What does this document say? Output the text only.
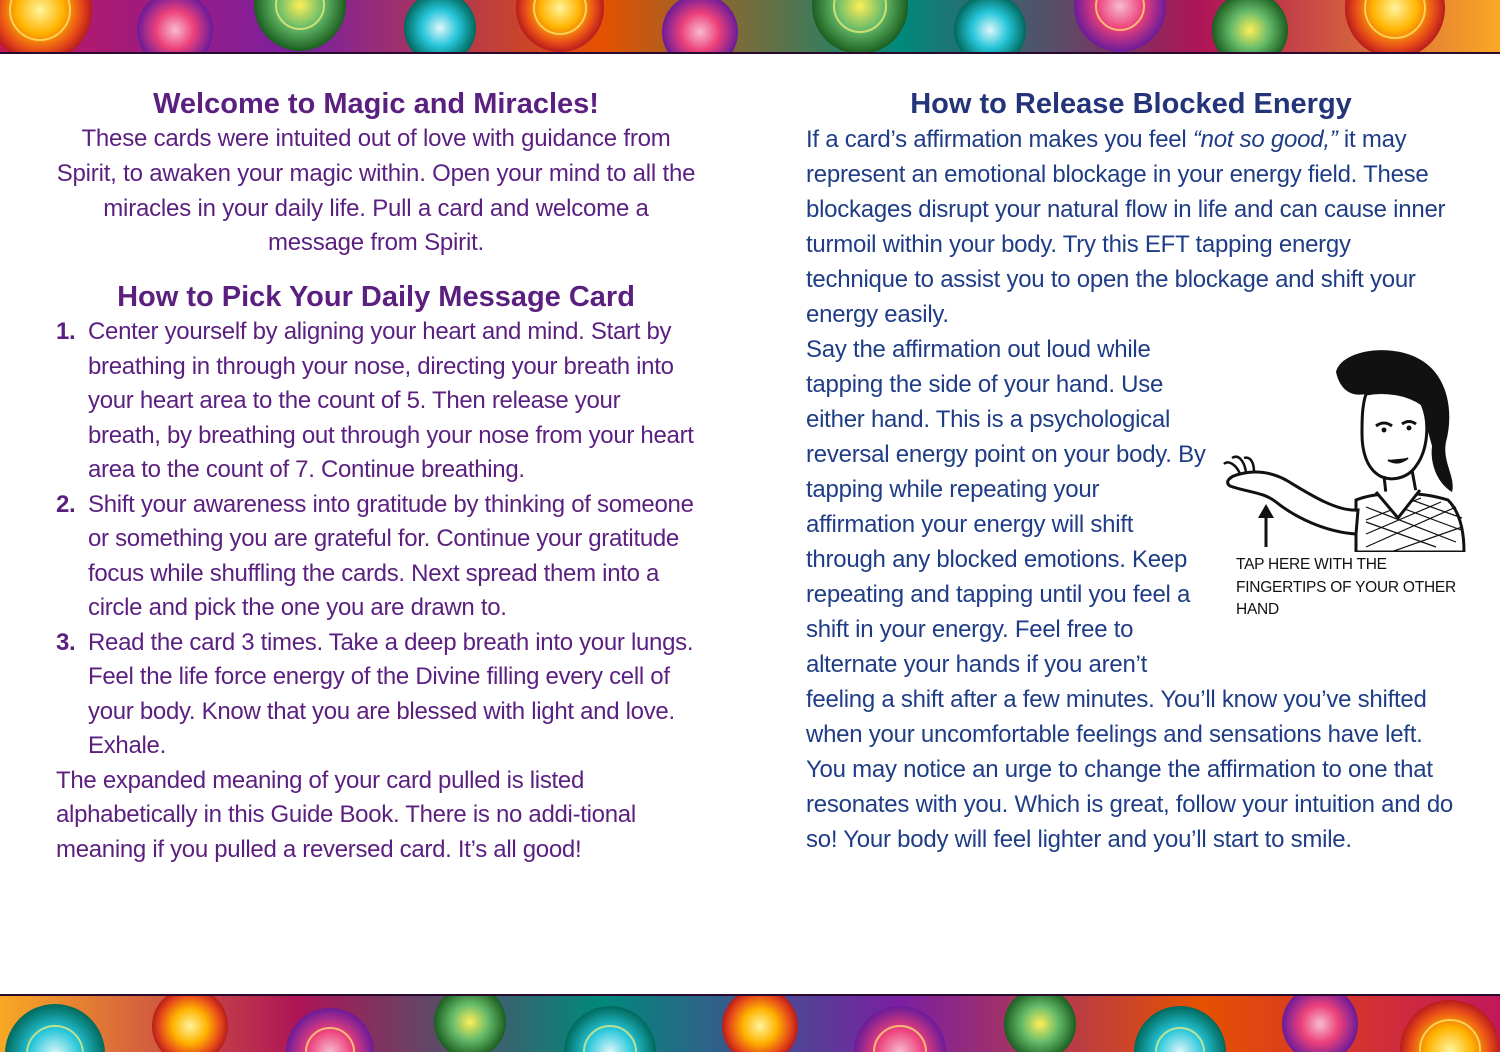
Welcome to Magic and Miracles!

These cards were intuited out of love with guidance from Spirit, to awaken your magic within. Open your mind to all the miracles in your daily life. Pull a card and welcome a message from Spirit.

How to Pick Your Daily Message Card
1. Center yourself by aligning your heart and mind. Start by breathing in through your nose, directing your breath into your heart area to the count of 5. Then release your breath, by breathing out through your nose from your heart area to the count of 7. Continue breathing.
2. Shift your awareness into gratitude by thinking of someone or something you are grateful for. Continue your gratitude focus while shuffling the cards. Next spread them into a circle and pick the one you are drawn to.
3. Read the card 3 times. Take a deep breath into your lungs. Feel the life force energy of the Divine filling every cell of your body. Know that you are blessed with light and love. Exhale.

The expanded meaning of your card pulled is listed alphabetically in this Guide Book. There is no addi-tional meaning if you pulled a reversed card. It’s all good!

How to Release Blocked Energy

If a card’s affirmation makes you feel “not so good,” it may represent an emotional blockage in your energy field. These blockages disrupt your natural flow in life and can cause inner turmoil within your body. Try this EFT tapping energy technique to assist you to open the blockage and shift your energy easily.

TAP HERE WITH THE FINGERTIPS OF YOUR OTHER HAND

Say the affirmation out loud while tapping the side of your hand. Use either hand. This is a psychological reversal energy point on your body. By tapping while repeating your affirmation your energy will shift through any blocked emotions. Keep repeating and tapping until you feel a shift in your energy. Feel free to alternate your hands if you aren’t feeling a shift after a few minutes. You’ll know you’ve shifted when your uncomfortable feelings and sensations have left. You may notice an urge to change the affirmation to one that resonates with you. Which is great, follow your intuition and do so! Your body will feel lighter and you’ll start to smile.
